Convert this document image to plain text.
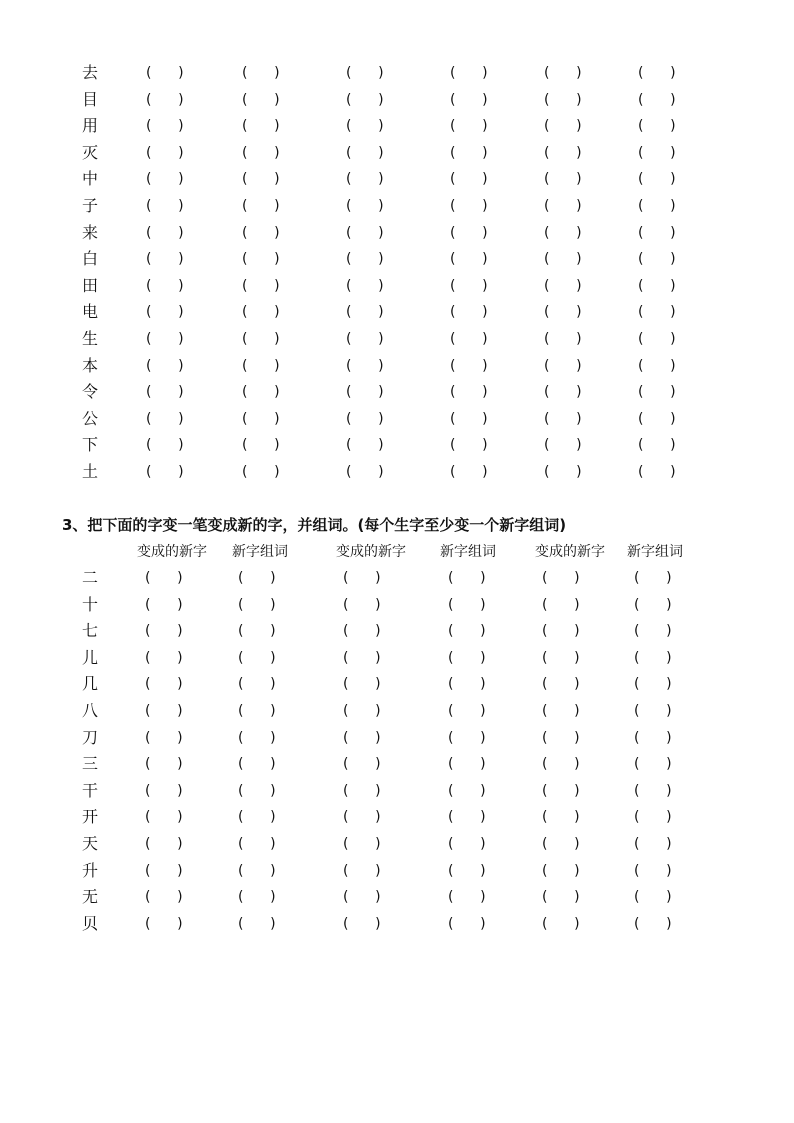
去	(      )	(      )	(      )	(      )	(      )	(      )
目	(      )	(      )	(      )	(      )	(      )	(      )
用	(      )	(      )	(      )	(      )	(      )	(      )
灭	(      )	(      )	(      )	(      )	(      )	(      )
中	(      )	(      )	(      )	(      )	(      )	(      )
子	(      )	(      )	(      )	(      )	(      )	(      )
来	(      )	(      )	(      )	(      )	(      )	(      )
白	(      )	(      )	(      )	(      )	(      )	(      )
田	(      )	(      )	(      )	(      )	(      )	(      )
电	(      )	(      )	(      )	(      )	(      )	(      )
生	(      )	(      )	(      )	(      )	(      )	(      )
本	(      )	(      )	(      )	(      )	(      )	(      )
令	(      )	(      )	(      )	(      )	(      )	(      )
公	(      )	(      )	(      )	(      )	(      )	(      )
下	(      )	(      )	(      )	(      )	(      )	(      )
土	(      )	(      )	(      )	(      )	(      )	(      )
3、把下面的字变一笔变成新的字，并组词。(每个生字至少变一个新字组词)
变成的新字 新字组词	变成的新字 新字组词	变成的新字 新字组词
二	(      )	(      )	(      )	(      )	(      )	(      )
十	(      )	(      )	(      )	(      )	(      )	(      )
七	(      )	(      )	(      )	(      )	(      )	(      )
儿	(      )	(      )	(      )	(      )	(      )	(      )
几	(      )	(      )	(      )	(      )	(      )	(      )
八	(      )	(      )	(      )	(      )	(      )	(      )
刀	(      )	(      )	(      )	(      )	(      )	(      )
三	(      )	(      )	(      )	(      )	(      )	(      )
干	(      )	(      )	(      )	(      )	(      )	(      )
开	(      )	(      )	(      )	(      )	(      )	(      )
天	(      )	(      )	(      )	(      )	(      )	(      )
升	(      )	(      )	(      )	(      )	(      )	(      )
无	(      )	(      )	(      )	(      )	(      )	(      )
贝	(      )	(      )	(      )	(      )	(      )	(      )
